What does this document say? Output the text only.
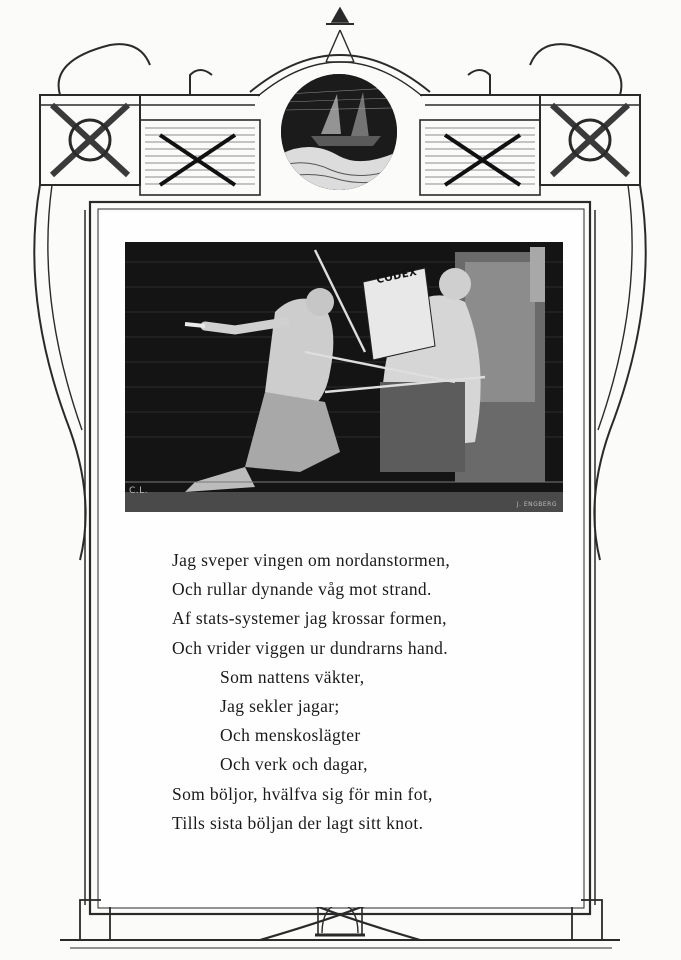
CODEX
C.L.
J. ENGBERG
Jag sveper vingen om nordanstormen,
Och rullar dynande våg mot strand.
Af stats-systemer jag krossar formen,
Och vrider viggen ur dundrarns hand.
Som nattens väkter,
Jag sekler jagar;
Och menskoslägter
Och verk och dagar,
Som böljor, hvälfva sig för min fot,
Tills sista böljan der lagt sitt knot.
